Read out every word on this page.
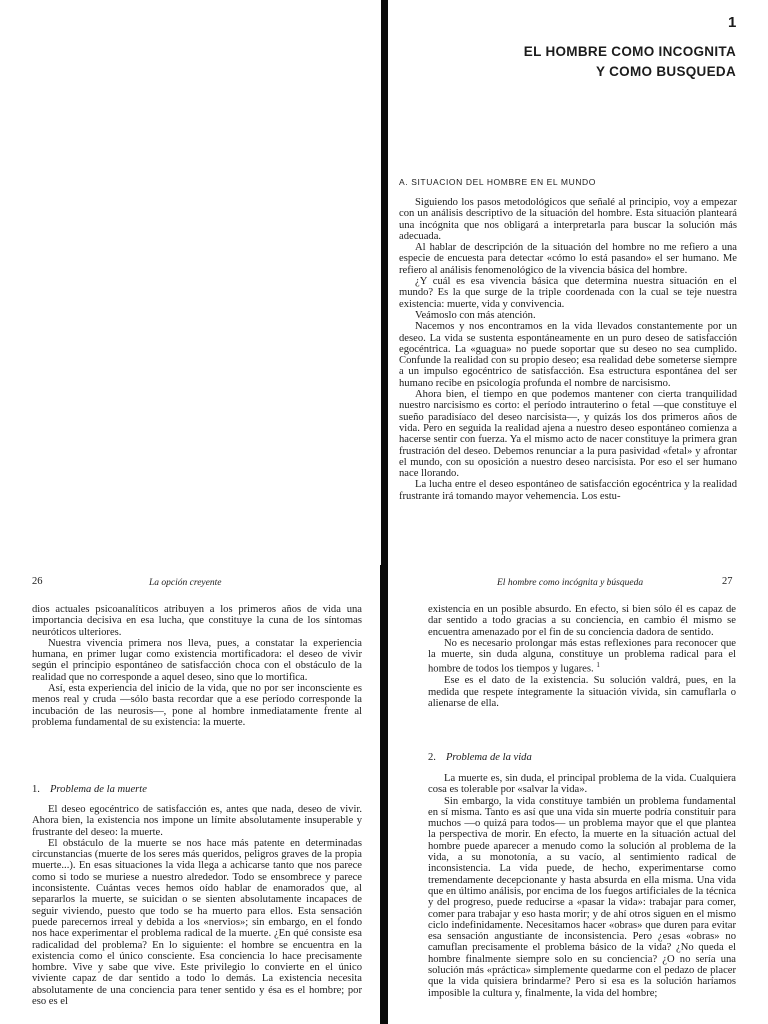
1
EL HOMBRE COMO INCOGNITA
Y COMO BUSQUEDA
A. SITUACION DEL HOMBRE EN EL MUNDO

Siguiendo los pasos metodológicos que señalé al principio, voy a empezar con un análisis descriptivo de la situación del hombre. Esta situación planteará una incógnita que nos obligará a interpretarla para buscar la solución más adecuada.

Al hablar de descripción de la situación del hombre no me refiero a una especie de encuesta para detectar «cómo lo está pasando» el ser humano. Me refiero al análisis fenomenológico de la vivencia básica del hombre.

¿Y cuál es esa vivencia básica que determina nuestra situación en el mundo? Es la que surge de la triple coordenada con la cual se teje nuestra existencia: muerte, vida y convivencia.

Veámoslo con más atención.

Nacemos y nos encontramos en la vida llevados constantemente por un deseo. La vida se sustenta espontáneamente en un puro deseo de satisfacción egocéntrica. La «guagua» no puede soportar que su deseo no sea cumplido. Confunde la realidad con su propio deseo; esa realidad debe someterse siempre a un impulso egocéntrico de satisfacción. Esa estructura espontánea del ser humano recibe en psicología profunda el nombre de narcisismo.

Ahora bien, el tiempo en que podemos mantener con cierta tranquilidad nuestro narcisismo es corto: el período intrauterino o fetal —que constituye el sueño paradisíaco del deseo narcisista—, y quizás los dos primeros años de vida. Pero en seguida la realidad ajena a nuestro deseo espontáneo comienza a hacerse sentir con fuerza. Ya el mismo acto de nacer constituye la primera gran frustración del deseo. Debemos renunciar a la pura pasividad «fetal» y afrontar el mundo, con su oposición a nuestro deseo narcisista. Por eso el ser humano nace llorando.

La lucha entre el deseo espontáneo de satisfacción egocéntrica y la realidad frustrante irá tomando mayor vehemencia. Los estu-

26	La opción creyente

dios actuales psicoanalíticos atribuyen a los primeros años de vida una importancia decisiva en esa lucha, que constituye la cuna de los síntomas neuróticos ulteriores.

Nuestra vivencia primera nos lleva, pues, a constatar la experiencia humana, en primer lugar como existencia mortificadora: el deseo de vivir según el principio espontáneo de satisfacción choca con el obstáculo de la realidad que no corresponde a aquel deseo, sino que lo mortifica.

Así, esta experiencia del inicio de la vida, que no por ser inconsciente es menos real y cruda —sólo basta recordar que a ese período corresponde la incubación de las neurosis—, pone al hombre inmediatamente frente al problema fundamental de su existencia: la muerte.

1. Problema de la muerte

El deseo egocéntrico de satisfacción es, antes que nada, deseo de vivir. Ahora bien, la existencia nos impone un límite absolutamente insuperable y frustrante del deseo: la muerte.

El obstáculo de la muerte se nos hace más patente en determinadas circunstancias (muerte de los seres más queridos, peligros graves de la propia muerte...). En esas situaciones la vida llega a achicarse tanto que nos parece como si todo se muriese a nuestro alrededor. Todo se ensombrece y parece inconsistente. Cuántas veces hemos oído hablar de enamorados que, al separarlos la muerte, se suicidan o se sienten absolutamente incapaces de seguir viviendo, puesto que todo se ha muerto para ellos. Esta sensación puede parecernos irreal y debida a los «nervios»; sin embargo, en el fondo nos hace experimentar el problema radical de la muerte. ¿En qué consiste esa radicalidad del problema? En lo siguiente: el hombre se encuentra en la existencia como el único consciente. Esa conciencia lo hace precisamente hombre. Vive y sabe que vive. Este privilegio lo convierte en el único viviente capaz de dar sentido a todo lo demás. La existencia necesita absolutamente de una conciencia para tener sentido y ésa es el hombre; por eso es el

El hombre como incógnita y búsqueda	27

existencia en un posible absurdo. En efecto, si bien sólo él es capaz de dar sentido a todo gracias a su conciencia, en cambio él mismo se encuentra amenazado por el fin de su conciencia dadora de sentido.

No es necesario prolongar más estas reflexiones para reconocer que la muerte, sin duda alguna, constituye un problema radical para el hombre de todos los tiempos y lugares. $^1$

Ese es el dato de la existencia. Su solución valdrá, pues, en la medida que respete íntegramente la situación vivida, sin camuflarla o alienarse de ella.

2. Problema de la vida

La muerte es, sin duda, el principal problema de la vida. Cualquiera cosa es tolerable por «salvar la vida».

Sin embargo, la vida constituye también un problema fundamental en sí misma. Tanto es así que una vida sin muerte podría constituir para muchos —o quizá para todos— un problema mayor que el que plantea la perspectiva de morir. En efecto, la muerte en la situación actual del hombre puede aparecer a menudo como la solución al problema de la vida, a su monotonía, a su vacío, al sentimiento radical de inconsistencia. La vida puede, de hecho, experimentarse como tremendamente decepcionante y hasta absurda en ella misma. Una vida que en último análisis, por encima de los fuegos artificiales de la técnica y del progreso, puede reducirse a «pasar la vida»: trabajar para comer, comer para trabajar y eso hasta morir; y de ahí otros siguen en el mismo ciclo indefinidamente. Necesitamos hacer «obras» que duren para evitar esa sensación angustiante de inconsistencia. Pero ¿esas «obras» no camuflan precisamente el problema básico de la vida? ¿No queda el hombre finalmente siempre solo en su conciencia? ¿O no sería una solución más «práctica» simplemente quedarme con el pedazo de placer que la vida quisiera brindarme? Pero si esa es la solución haríamos imposible la cultura y, finalmente, la vida del hombre;
